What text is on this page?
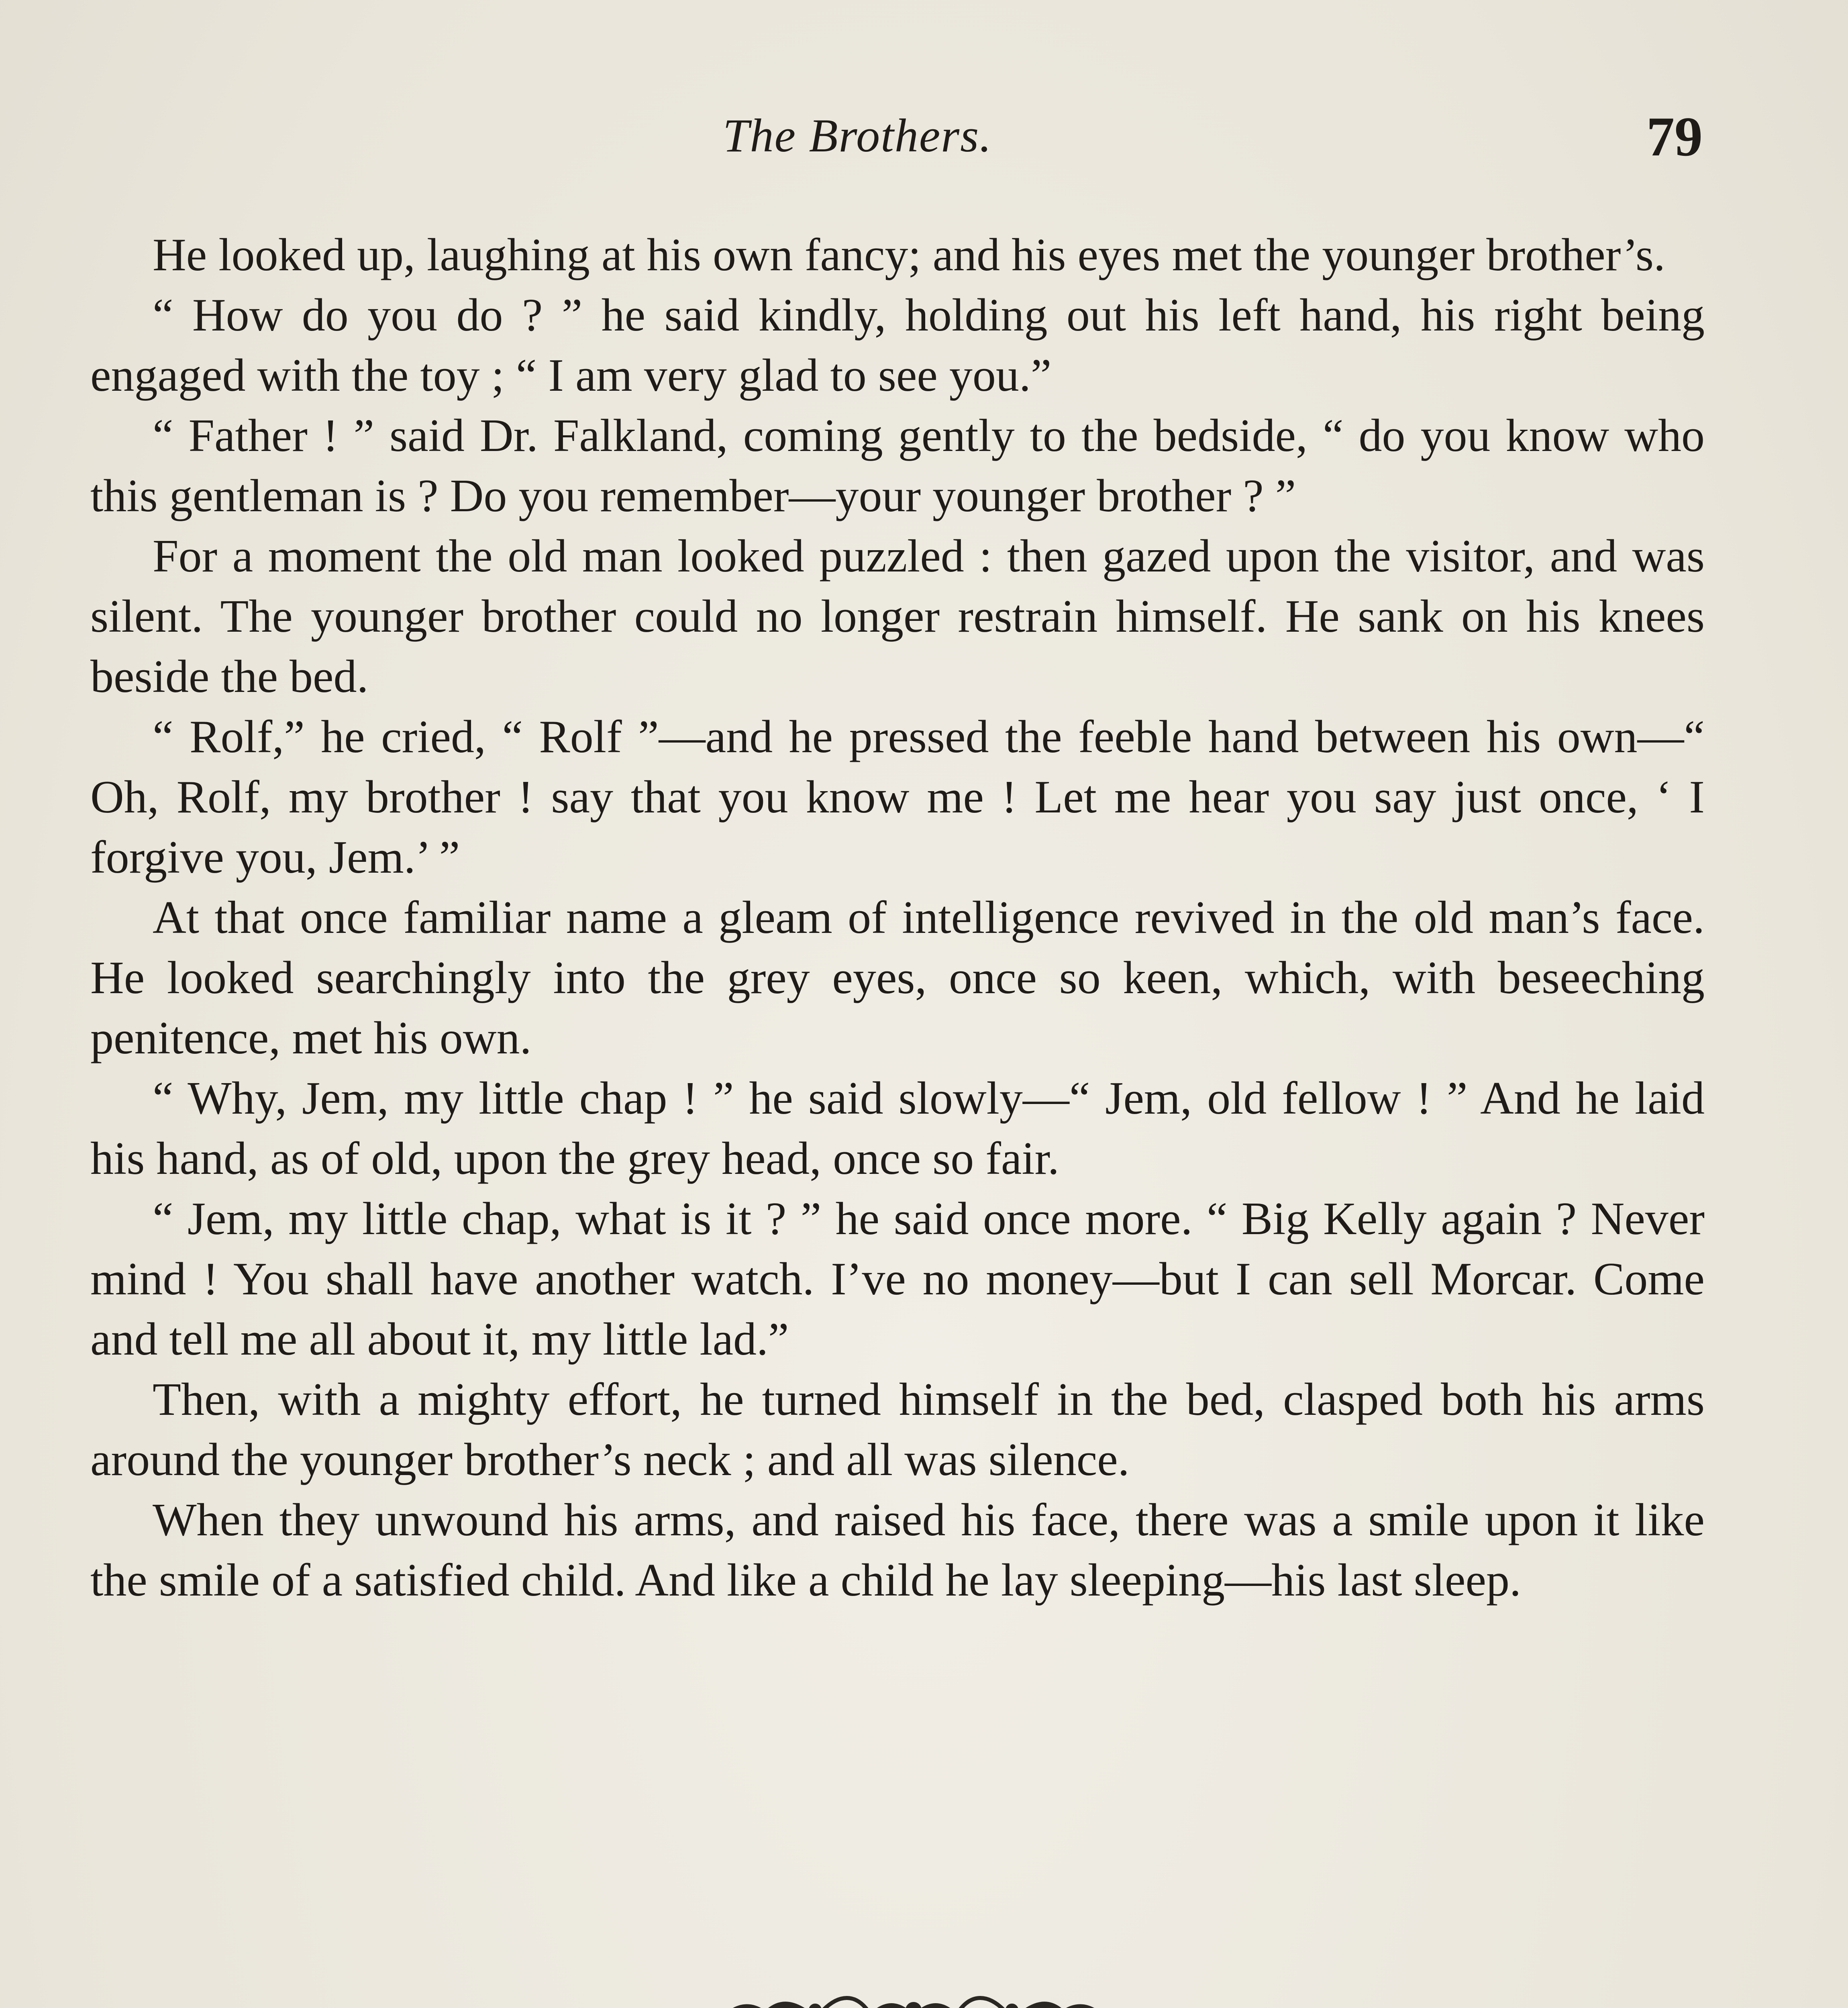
The Brothers.	79

He looked up, laughing at his own fancy; and his eyes met the younger brother’s.

“ How do you do ? ” he said kindly, holding out his left hand, his right being engaged with the toy ; “ I am very glad to see you.”

“ Father ! ” said Dr. Falkland, coming gently to the bedside, “ do you know who this gentleman is ? Do you remember—your younger brother ? ”

For a moment the old man looked puzzled : then gazed upon the visitor, and was silent. The younger brother could no longer restrain himself. He sank on his knees beside the bed.

“ Rolf,” he cried, “ Rolf ”—and he pressed the feeble hand between his own—“ Oh, Rolf, my brother ! say that you know me ! Let me hear you say just once, ‘ I forgive you, Jem.’ ”

At that once familiar name a gleam of intelligence revived in the old man’s face. He looked searchingly into the grey eyes, once so keen, which, with beseeching penitence, met his own.

“ Why, Jem, my little chap ! ” he said slowly—“ Jem, old fellow ! ” And he laid his hand, as of old, upon the grey head, once so fair.

“ Jem, my little chap, what is it ? ” he said once more. “ Big Kelly again ? Never mind ! You shall have another watch. I’ve no money—but I can sell Morcar. Come and tell me all about it, my little lad.”

Then, with a mighty effort, he turned himself in the bed, clasped both his arms around the younger brother’s neck ; and all was silence.

When they unwound his arms, and raised his face, there was a smile upon it like the smile of a satisfied child. And like a child he lay sleeping—his last sleep.
